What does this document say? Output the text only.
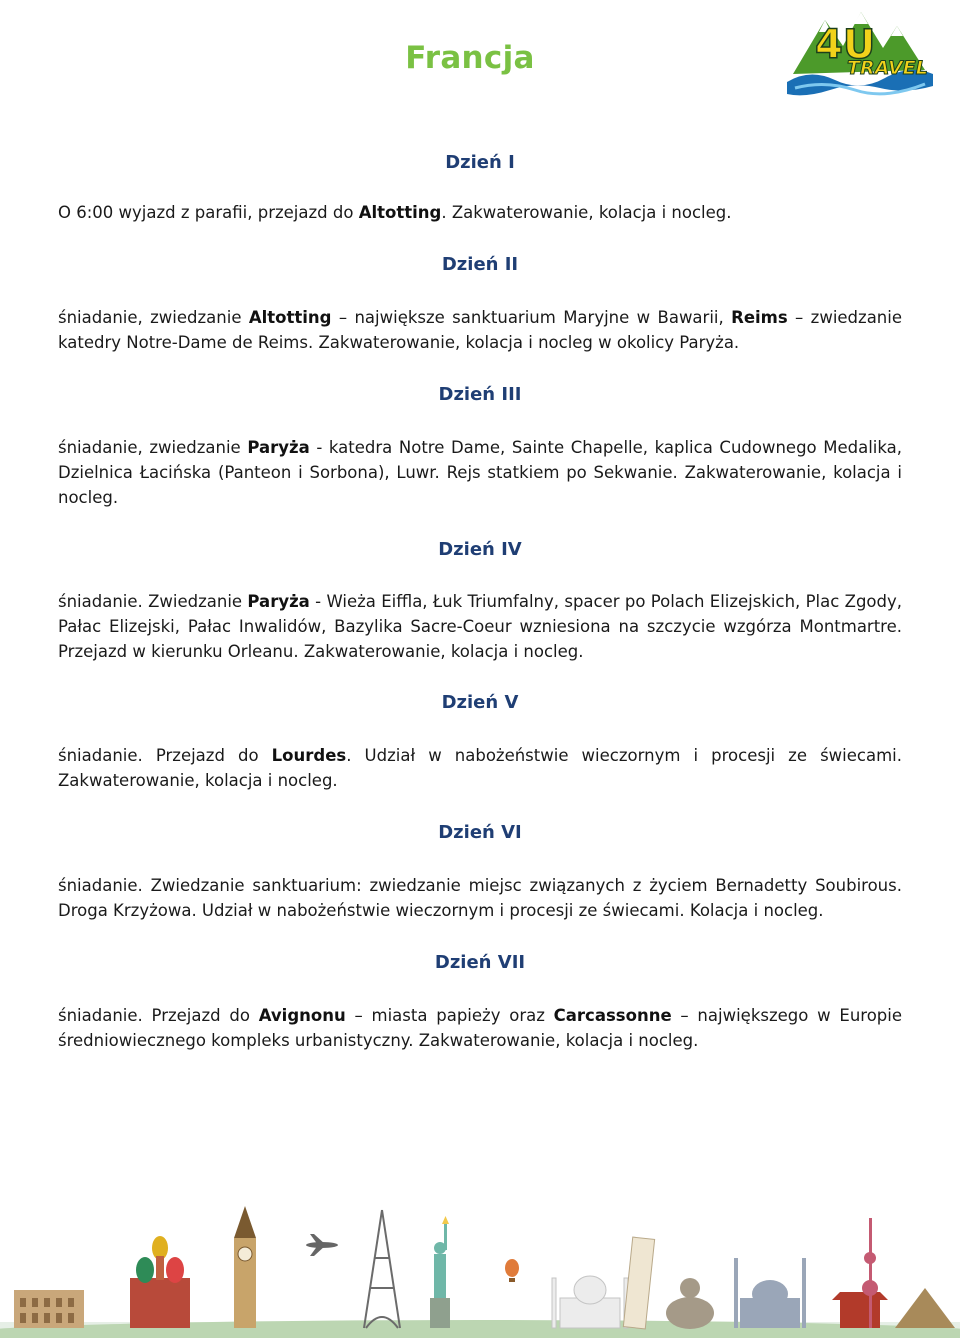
Francja	4U
TRAVEL
Dzień I

O 6:00 wyjazd z parafii, przejazd do Altotting. Zakwaterowanie, kolacja i nocleg.

Dzień II

śniadanie, zwiedzanie Altotting – największe sanktuarium Maryjne w Bawarii, Reims – zwiedzanie katedry Notre-Dame de Reims. Zakwaterowanie, kolacja i nocleg w okolicy Paryża.

Dzień III

śniadanie, zwiedzanie Paryża - katedra Notre Dame, Sainte Chapelle, kaplica Cudownego Medalika, Dzielnica Łacińska (Panteon i Sorbona), Luwr. Rejs statkiem po Sekwanie. Zakwaterowanie, kolacja i nocleg.

Dzień IV

śniadanie. Zwiedzanie Paryża - Wieża Eiffla, Łuk Triumfalny, spacer po Polach Elizejskich, Plac Zgody, Pałac Elizejski, Pałac Inwalidów, Bazylika Sacre-Coeur wzniesiona na szczycie wzgórza Montmartre. Przejazd w kierunku Orleanu. Zakwaterowanie, kolacja i nocleg.

Dzień V

śniadanie. Przejazd do Lourdes. Udział w nabożeństwie wieczornym i procesji ze świecami. Zakwaterowanie, kolacja i nocleg.

Dzień VI

śniadanie. Zwiedzanie sanktuarium: zwiedzanie miejsc związanych z życiem Bernadetty Soubirous. Droga Krzyżowa. Udział w nabożeństwie wieczornym i procesji ze świecami. Kolacja i nocleg.

Dzień VII

śniadanie. Przejazd do Avignonu – miasta papieży oraz Carcassonne – największego w Europie średniowiecznego kompleks urbanistyczny. Zakwaterowanie, kolacja i nocleg.
